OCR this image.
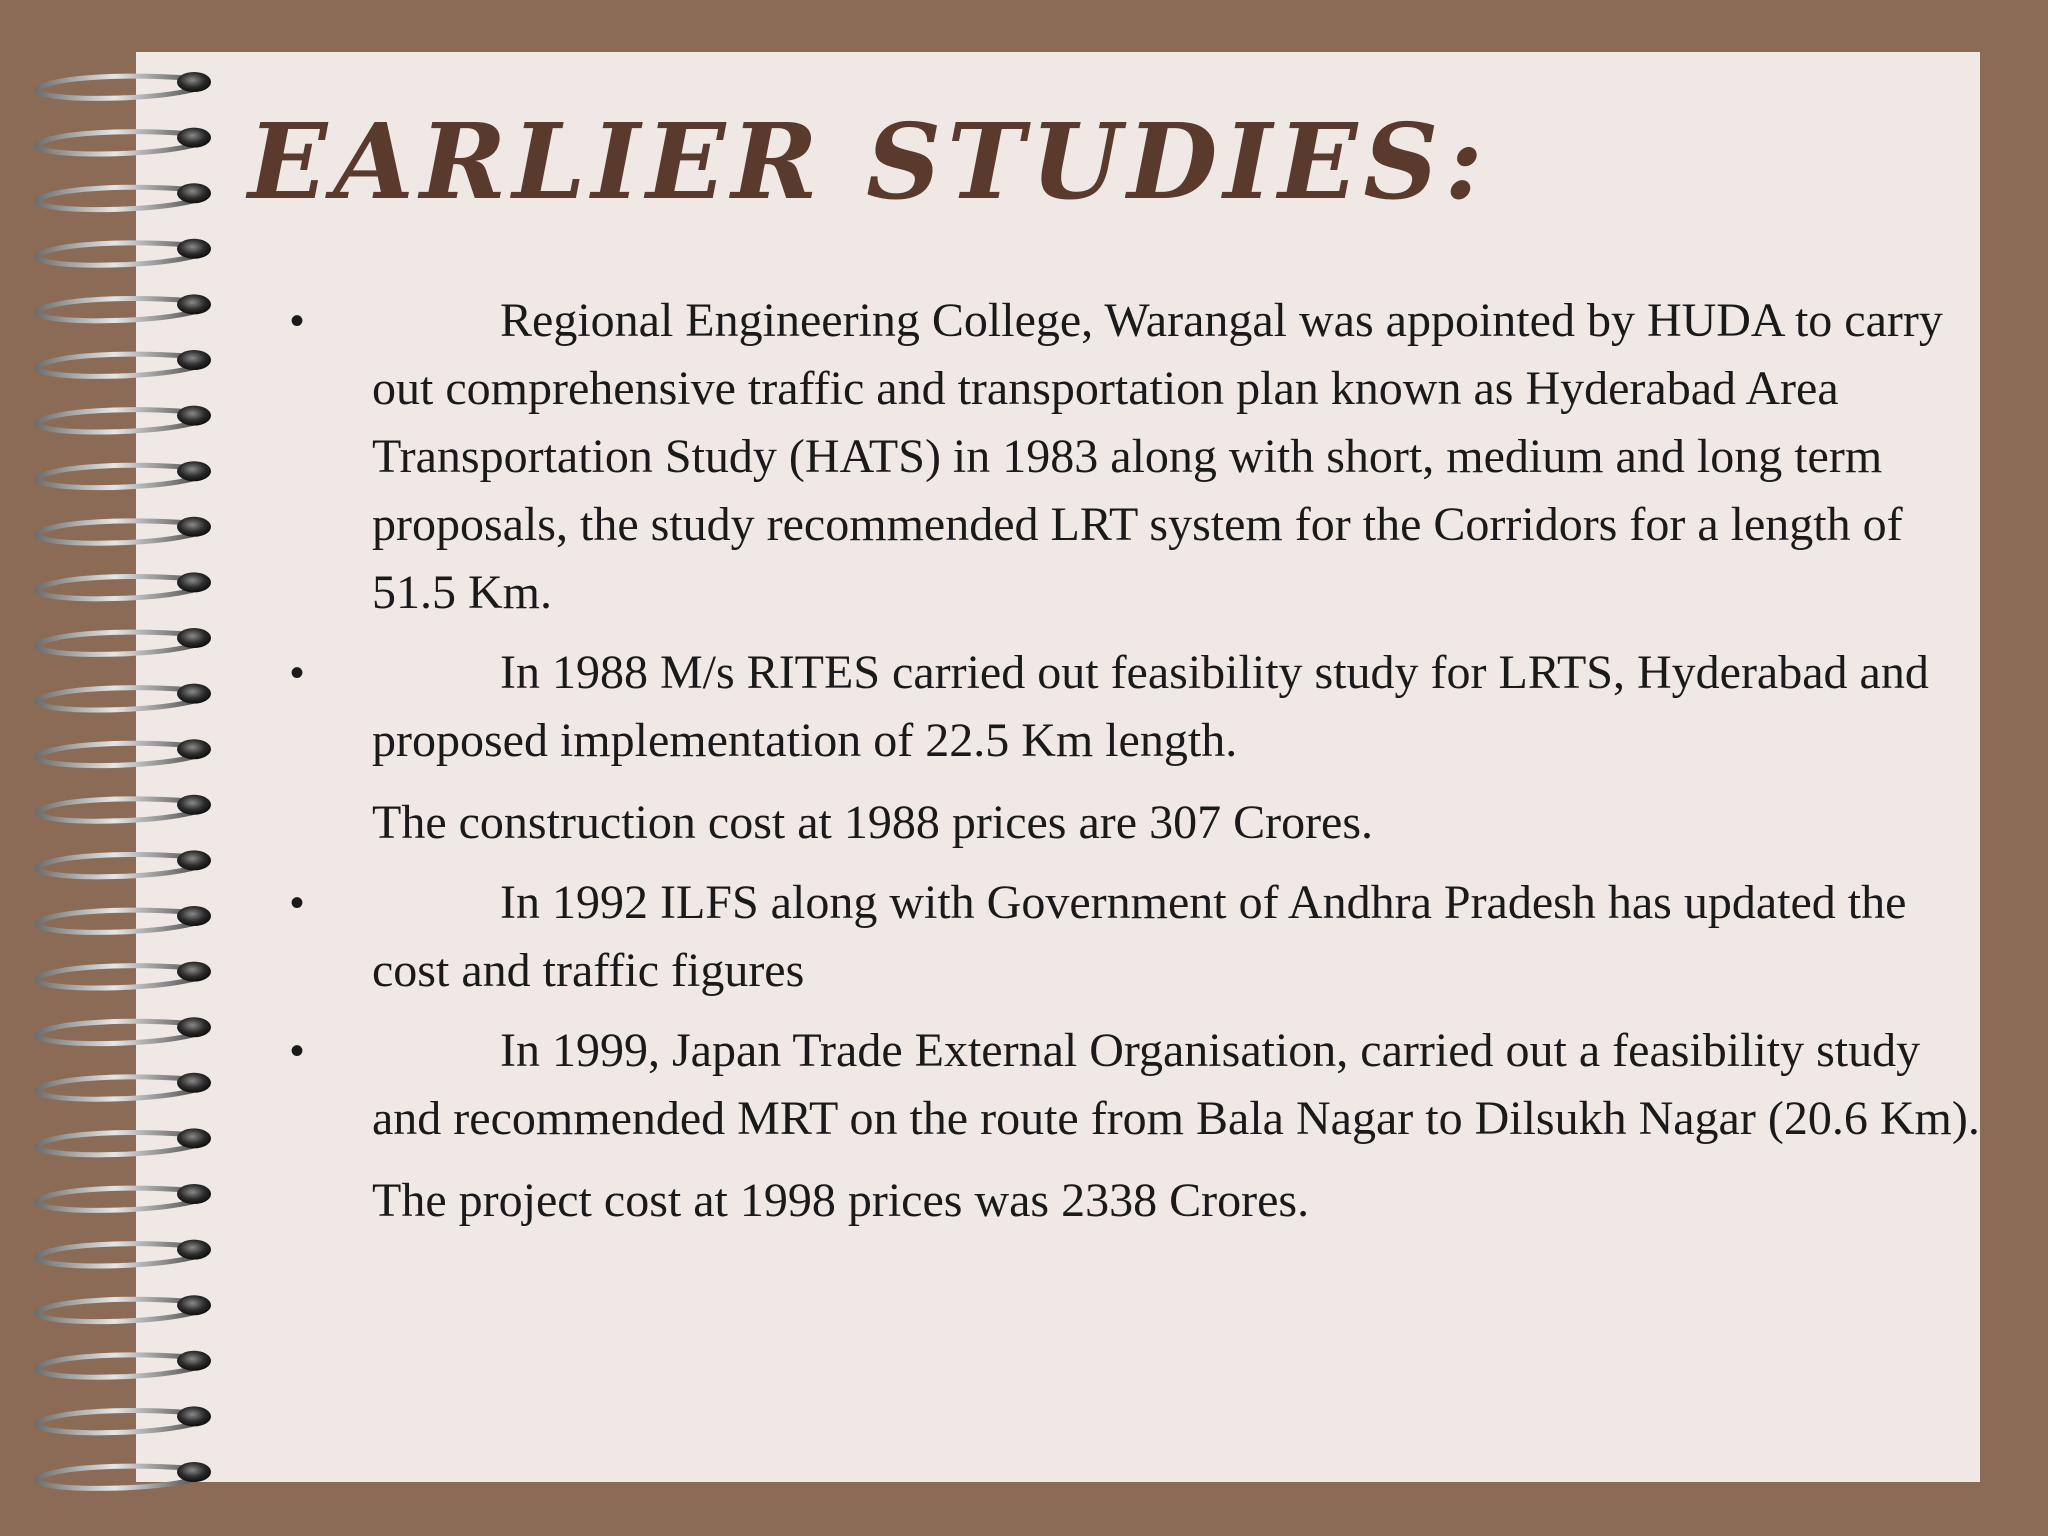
EARLIER STUDIES:
•	Regional Engineering College, Warangal was appointed by HUDA to carry out comprehensive traffic and transportation plan known as Hyderabad Area Transportation Study (HATS) in 1983 along with short, medium and long term proposals, the study recommended LRT system for the Corridors for a length of 51.5 Km.
•	In 1988 M/s RITES carried out feasibility study for LRTS, Hyderabad and proposed implementation of 22.5 Km length.

The construction cost at 1988 prices are 307 Crores.

•	In 1992 ILFS along with Government of Andhra Pradesh has updated the cost and traffic figures
•	In 1999, Japan Trade External Organisation, carried out a feasibility study and recommended MRT on the route from Bala Nagar to Dilsukh Nagar (20.6 Km).

The project cost at 1998 prices was 2338 Crores.
